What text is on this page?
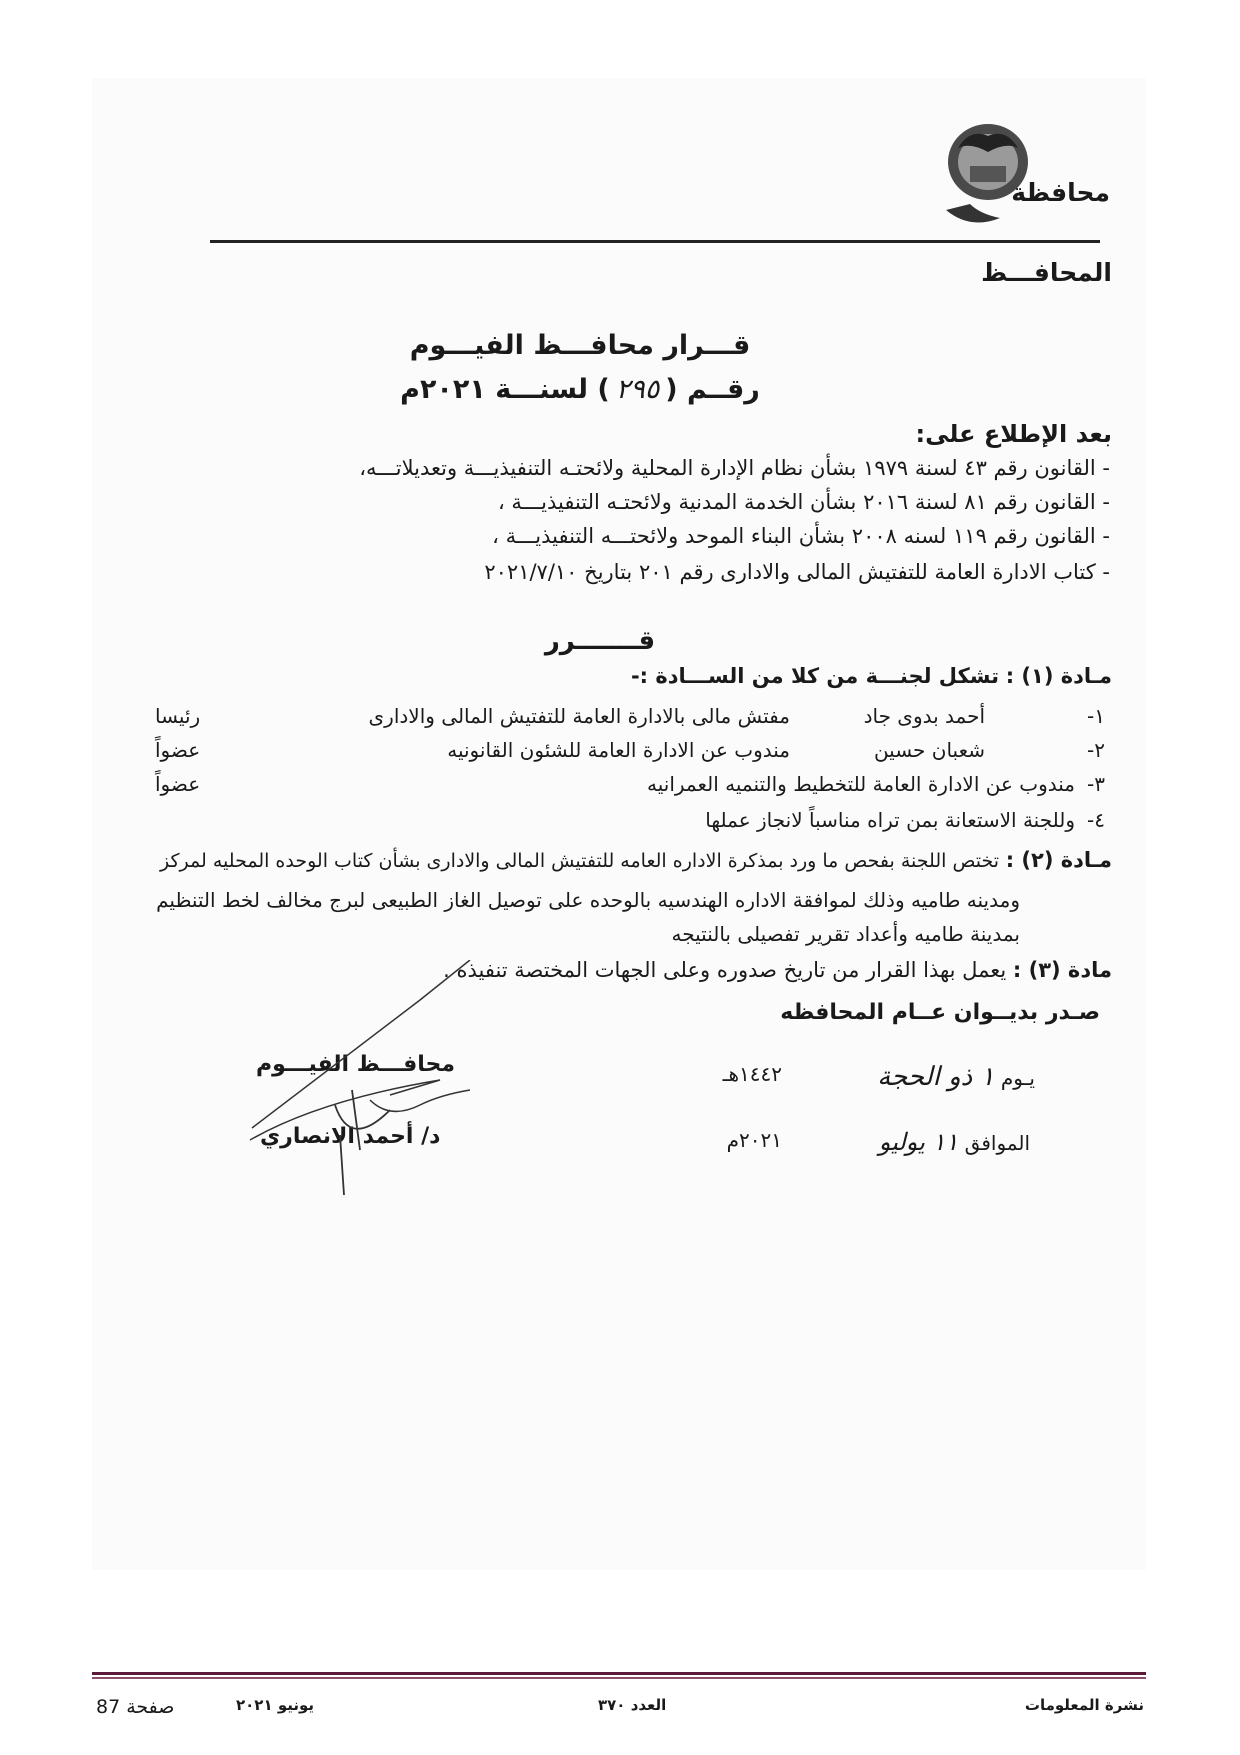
محافظة
المحافـــظ
قـــرار محافـــظ الفيـــوم
رقــم (٢٩٥) لسنـــة ٢٠٢١م
بعد الإطلاع على:
- القانون رقم ٤٣ لسنة ١٩٧٩ بشأن نظام الإدارة المحلية ولائحتـه التنفيذيـــة وتعديلاتـــه،
- القانون رقم ٨١ لسنة ٢٠١٦ بشأن الخدمة المدنية ولائحتـه التنفيذيـــة ،
- القانون رقم ١١٩ لسنه ٢٠٠٨ بشأن البناء الموحد ولائحتـــه التنفيذيـــة ،
- كتاب الادارة العامة للتفتيش المالى والادارى رقم ٢٠١ بتاريخ ٢٠٢١/٧/١٠
قـــــــرر
مـادة (١) : تشكل لجنـــة من كلا من الســـادة :-
١-
أحمد بدوى جاد
مفتش مالى بالادارة العامة للتفتيش المالى والادارى
رئيسا
٢-
شعبان حسين
مندوب عن الادارة العامة للشئون القانونيه
عضواً
٣-
مندوب عن الادارة العامة للتخطيط والتنميه العمرانيه
عضواً
٤-
وللجنة الاستعانة بمن تراه مناسباً لانجاز عملها
مـادة (٢) : تختص اللجنة بفحص ما ورد بمذكرة الاداره العامه للتفتيش المالى والادارى بشأن كتاب الوحده المحليه لمركز
ومدينه طاميه وذلك لموافقة الاداره الهندسيه بالوحده على توصيل الغاز الطبيعى لبرج مخالف لخط التنظيم
بمدينة طاميه وأعداد تقرير تفصيلى بالنتيجه
مادة (٣) : يعمل بهذا القرار من تاريخ صدوره وعلى الجهات المختصة تنفيذه .
صـدر بديــوان عــام المحافظه
يـوم ١ ذو الحجة
١٤٤٢هـ
الموافق ١١ يوليو
٢٠٢١م
محافـــظ الفيـــوم
د/ أحمد الانصاري
نشرة المعلومات
العدد ٣٧٠
يونيو ٢٠٢١
صفحة 87
